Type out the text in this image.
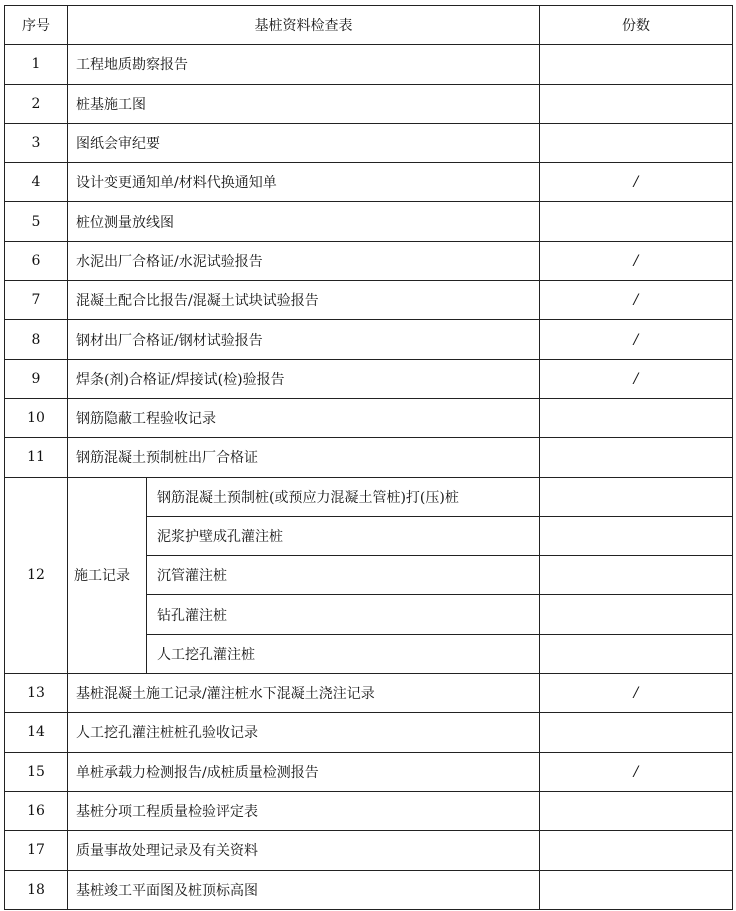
序号	基桩资料检查表		份数
1	工程地质勘察报告		
2	桩基施工图		
3	图纸会审纪要		
4	设计变更通知单/材料代换通知单		/
5	桩位测量放线图		
6	水泥出厂合格证/水泥试验报告		/
7	混凝土配合比报告/混凝土试块试验报告		/
8	钢材出厂合格证/钢材试验报告		/
9	焊条(剂)合格证/焊接试(检)验报告		/
10	钢筋隐蔽工程验收记录		
11	钢筋混凝土预制桩出厂合格证		
12	施工记录	钢筋混凝土预制桩(或预应力混凝土管桩)打(压)桩	
		泥浆护壁成孔灌注桩	
		沉管灌注桩	
		钻孔灌注桩	
		人工挖孔灌注桩	
13	基桩混凝土施工记录/灌注桩水下混凝土浇注记录		/
14	人工挖孔灌注桩桩孔验收记录		
15	单桩承载力检测报告/成桩质量检测报告		/
16	基桩分项工程质量检验评定表		
17	质量事故处理记录及有关资料		
18	基桩竣工平面图及桩顶标高图		
